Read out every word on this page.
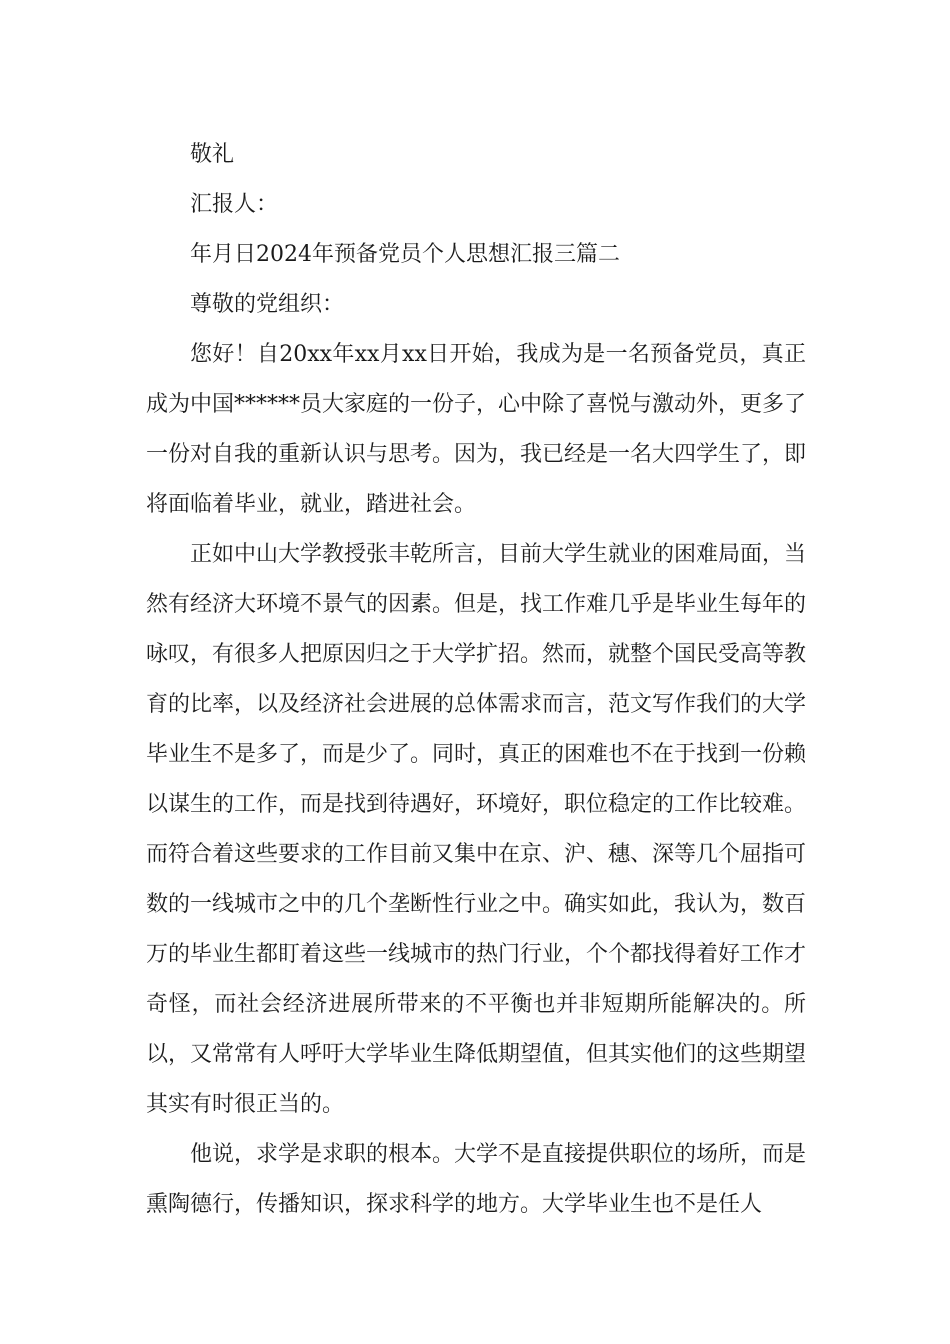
敬礼

汇报人：

年月日2024年预备党员个人思想汇报三篇二

尊敬的党组织：

您好！自20xx年xx月xx日开始，我成为是一名预备党员，真正成为中国******员大家庭的一份子，心中除了喜悦与激动外，更多了一份对自我的重新认识与思考。因为，我已经是一名大四学生了，即将面临着毕业，就业，踏进社会。

正如中山大学教授张丰乾所言，目前大学生就业的困难局面，当然有经济大环境不景气的因素。但是，找工作难几乎是毕业生每年的咏叹，有很多人把原因归之于大学扩招。然而，就整个国民受高等教育的比率，以及经济社会进展的总体需求而言，范文写作我们的大学毕业生不是多了，而是少了。同时，真正的困难也不在于找到一份赖以谋生的工作，而是找到待遇好，环境好，职位稳定的工作比较难。而符合着这些要求的工作目前又集中在京、沪、穗、深等几个屈指可数的一线城市之中的几个垄断性行业之中。确实如此，我认为，数百万的毕业生都盯着这些一线城市的热门行业，个个都找得着好工作才奇怪，而社会经济进展所带来的不平衡也并非短期所能解决的。所以，又常常有人呼吁大学毕业生降低期望值，但其实他们的这些期望其实有时很正当的。

他说，求学是求职的根本。大学不是直接提供职位的场所，而是熏陶德行，传播知识，探求科学的地方。大学毕业生也不是任人
